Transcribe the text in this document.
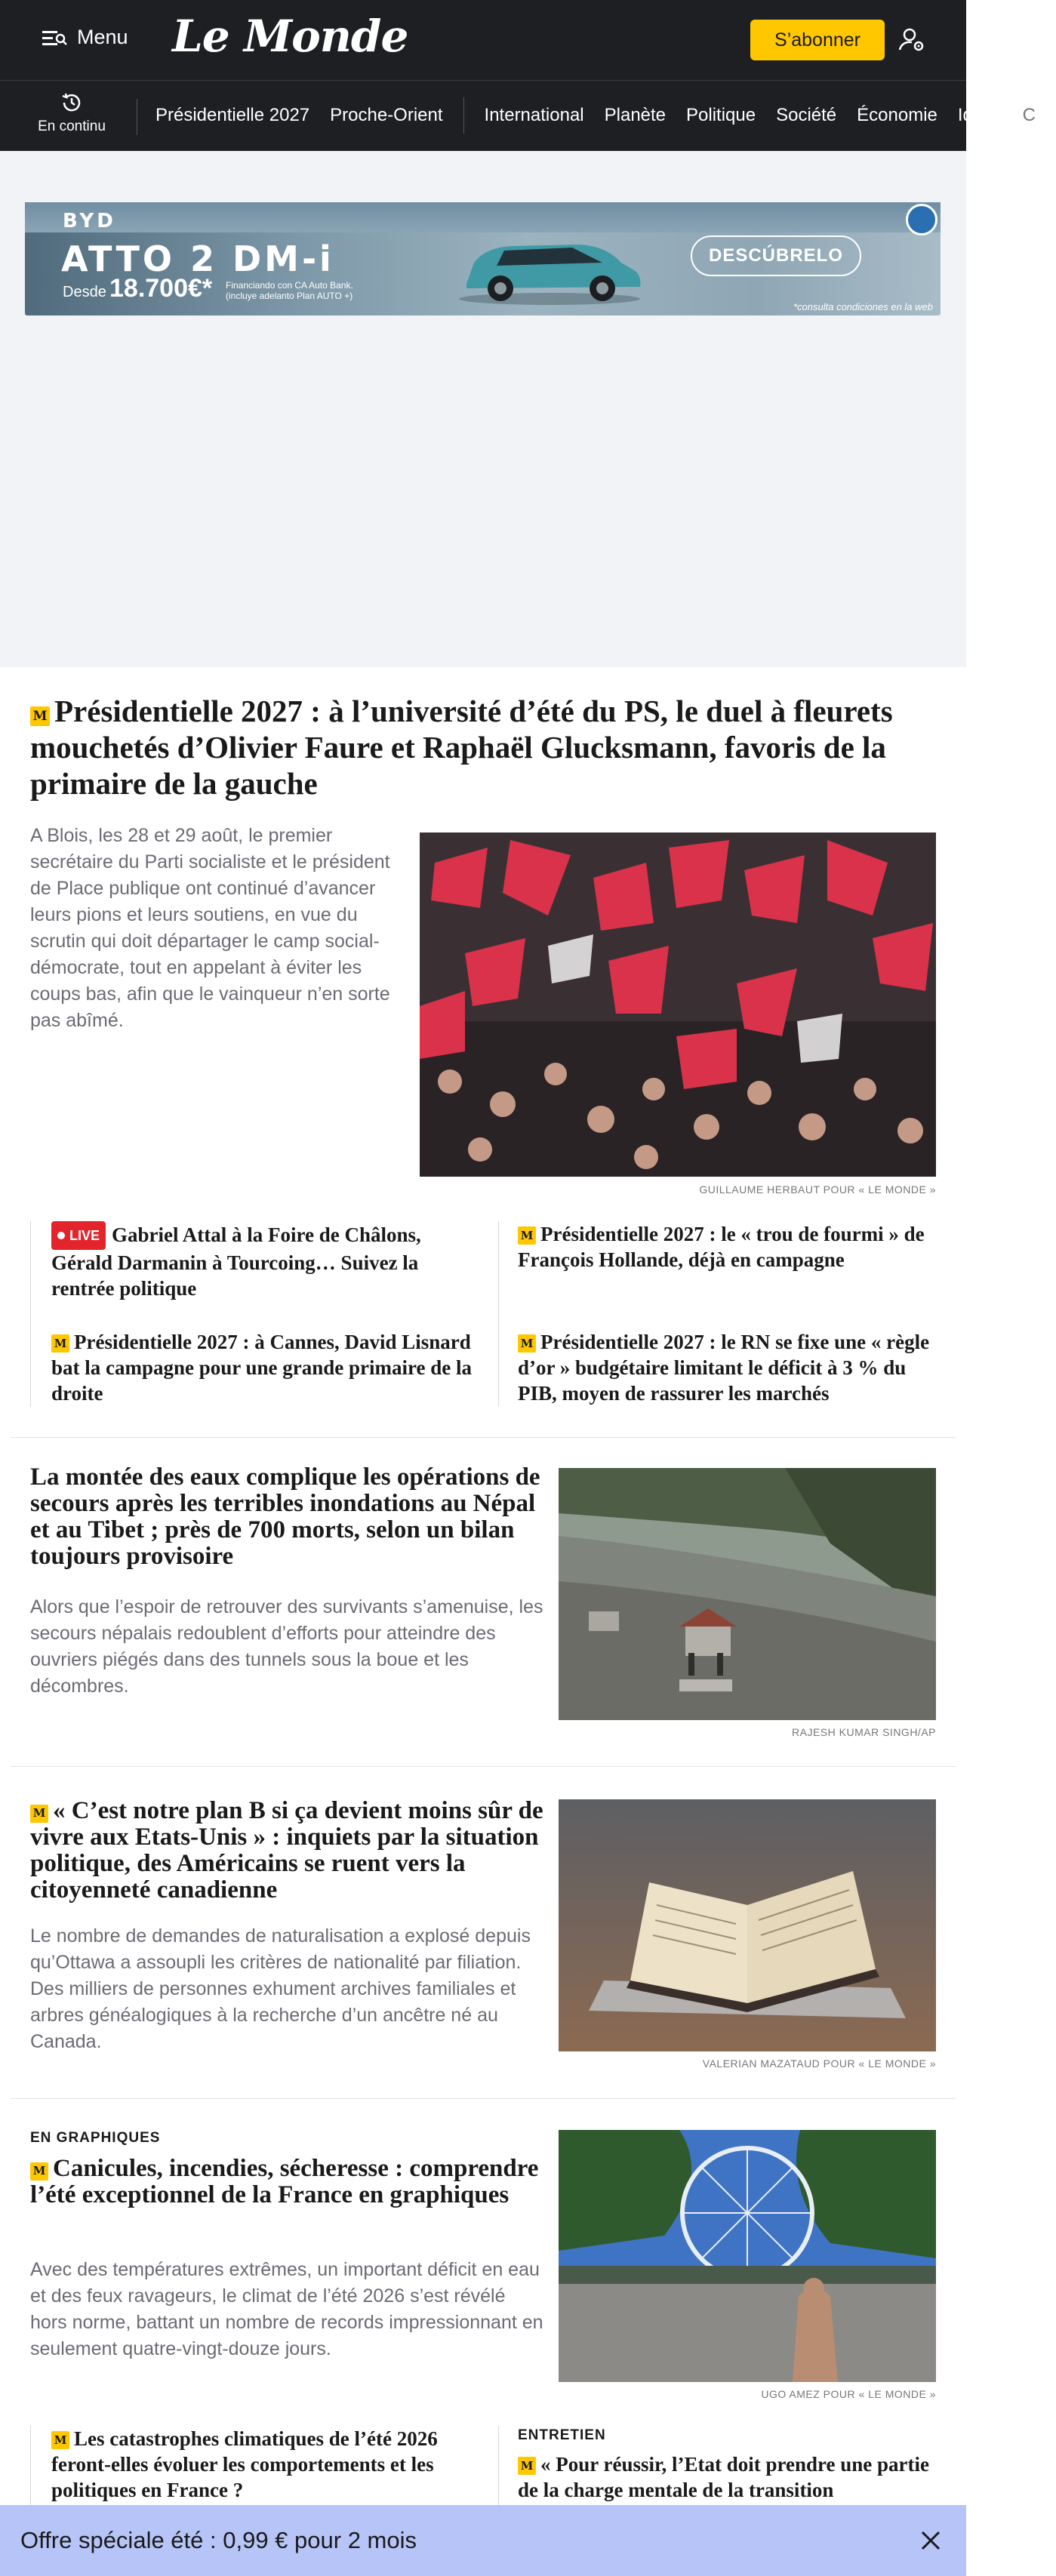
Menu Le Monde	S’abonner
En continu
Présidentielle 2027 Proche-Orient International Planète Politique Société Économie Idées C
BYD
ATTO 2 DM-i
Desde 18.700€* Financiando con CA Auto Bank. (incluye adelanto Plan AUTO +)
DESCÚBRELO
*consulta condiciones en la web
M Présidentielle 2027 : à l’université d’été du PS, le duel à fleurets mouchetés d’Olivier Faure et Raphaël Glucksmann, favoris de la primaire de la gauche

A Blois, les 28 et 29 août, le premier secrétaire du Parti socialiste et le président de Place publique ont continué d’avancer leurs pions et leurs soutiens, en vue du scrutin qui doit départager le camp social-démocrate, tout en appelant à éviter les coups bas, afin que le vainqueur n’en sorte pas abîmé.

GUILLAUME HERBAUT POUR « LE MONDE »
LIVE Gabriel Attal à la Foire de Châlons, Gérald Darmanin à Tourcoing… Suivez la rentrée politique
M Présidentielle 2027 : le « trou de fourmi » de François Hollande, déjà en campagne
M Présidentielle 2027 : à Cannes, David Lisnard bat la campagne pour une grande primaire de la droite
M Présidentielle 2027 : le RN se fixe une « règle d’or » budgétaire limitant le déficit à 3 % du PIB, moyen de rassurer les marchés
La montée des eaux complique les opérations de secours après les terribles inondations au Népal et au Tibet ; près de 700 morts, selon un bilan toujours provisoire

Alors que l’espoir de retrouver des survivants s’amenuise, les secours népalais redoublent d’efforts pour atteindre des ouvriers piégés dans des tunnels sous la boue et les décombres.

RAJESH KUMAR SINGH/AP
M « C’est notre plan B si ça devient moins sûr de vivre aux Etats-Unis » : inquiets par la situation politique, des Américains se ruent vers la citoyenneté canadienne

Le nombre de demandes de naturalisation a explosé depuis qu’Ottawa a assoupli les critères de nationalité par filiation. Des milliers de personnes exhument archives familiales et arbres généalogiques à la recherche d’un ancêtre né au Canada.

VALERIAN MAZATAUD POUR « LE MONDE »
EN GRAPHIQUES
M Canicules, incendies, sécheresse : comprendre l’été exceptionnel de la France en graphiques

Avec des températures extrêmes, un important déficit en eau et des feux ravageurs, le climat de l’été 2026 s’est révélé hors norme, battant un nombre de records impressionnant en seulement quatre-vingt-douze jours.

UGO AMEZ POUR « LE MONDE »
M Les catastrophes climatiques de l’été 2026 feront-elles évoluer les comportements et les politiques en France ?
ENTRETIEN
M « Pour réussir, l’Etat doit prendre une partie de la charge mentale de la transition
Offre spéciale été : 0,99 € pour 2 mois
